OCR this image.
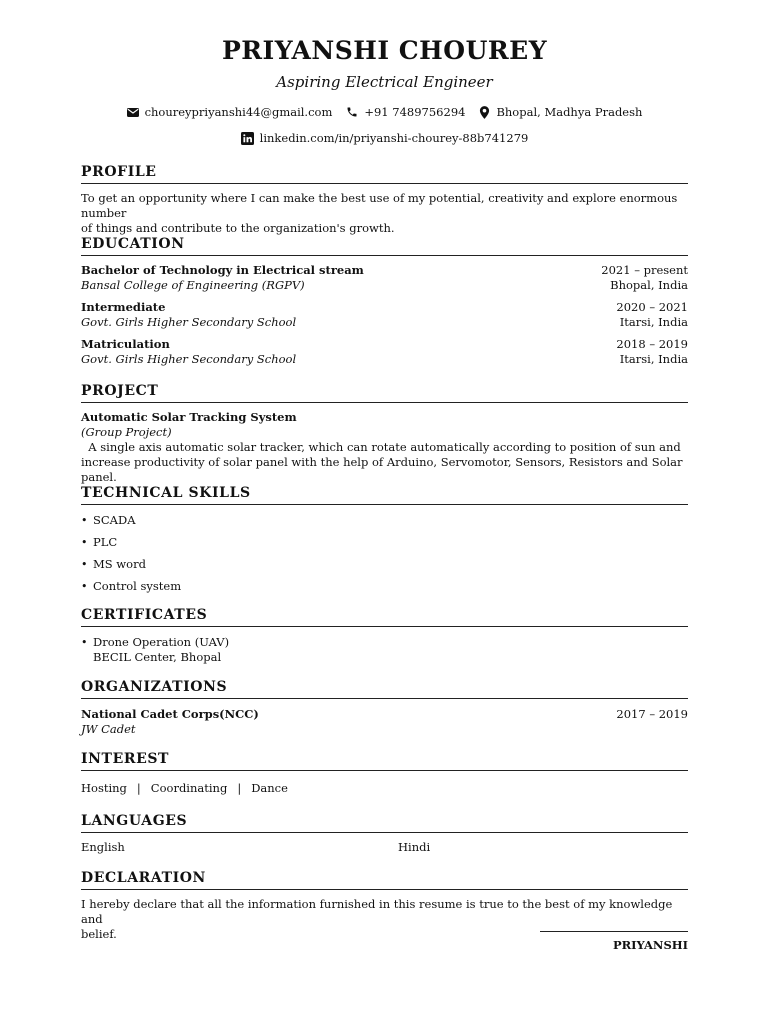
PRIYANSHI CHOUREY
Aspiring Electrical Engineer
choureypriyanshi44@gmail.com	+91 7489756294	Bhopal, Madhya Pradesh
linkedin.com/in/priyanshi-chourey-88b741279
PROFILE
To get an opportunity where I can make the best use of my potential, creativity and explore enormous number
of things and contribute to the organization's growth.
EDUCATION
Bachelor of Technology in Electrical stream	2021 – present
Bansal College of Engineering (RGPV)	Bhopal, India
Intermediate	2020 – 2021
Govt. Girls Higher Secondary School	Itarsi, India
Matriculation	2018 – 2019
Govt. Girls Higher Secondary School	Itarsi, India
PROJECT
Automatic Solar Tracking System
(Group Project)
A single axis automatic solar tracker, which can rotate automatically according to position of sun and
increase productivity of solar panel with the help of Arduino, Servomotor, Sensors, Resistors and Solar panel.
TECHNICAL SKILLS
• SCADA
• PLC
• MS word
• Control system
CERTIFICATES
• Drone Operation (UAV)
BECIL Center, Bhopal
ORGANIZATIONS
National Cadet Corps(NCC)	2017 – 2019
JW Cadet
INTEREST
Hosting | Coordinating | Dance
LANGUAGES
English	Hindi
DECLARATION
I hereby declare that all the information furnished in this resume is true to the best of my knowledge and
belief.
PRIYANSHI
